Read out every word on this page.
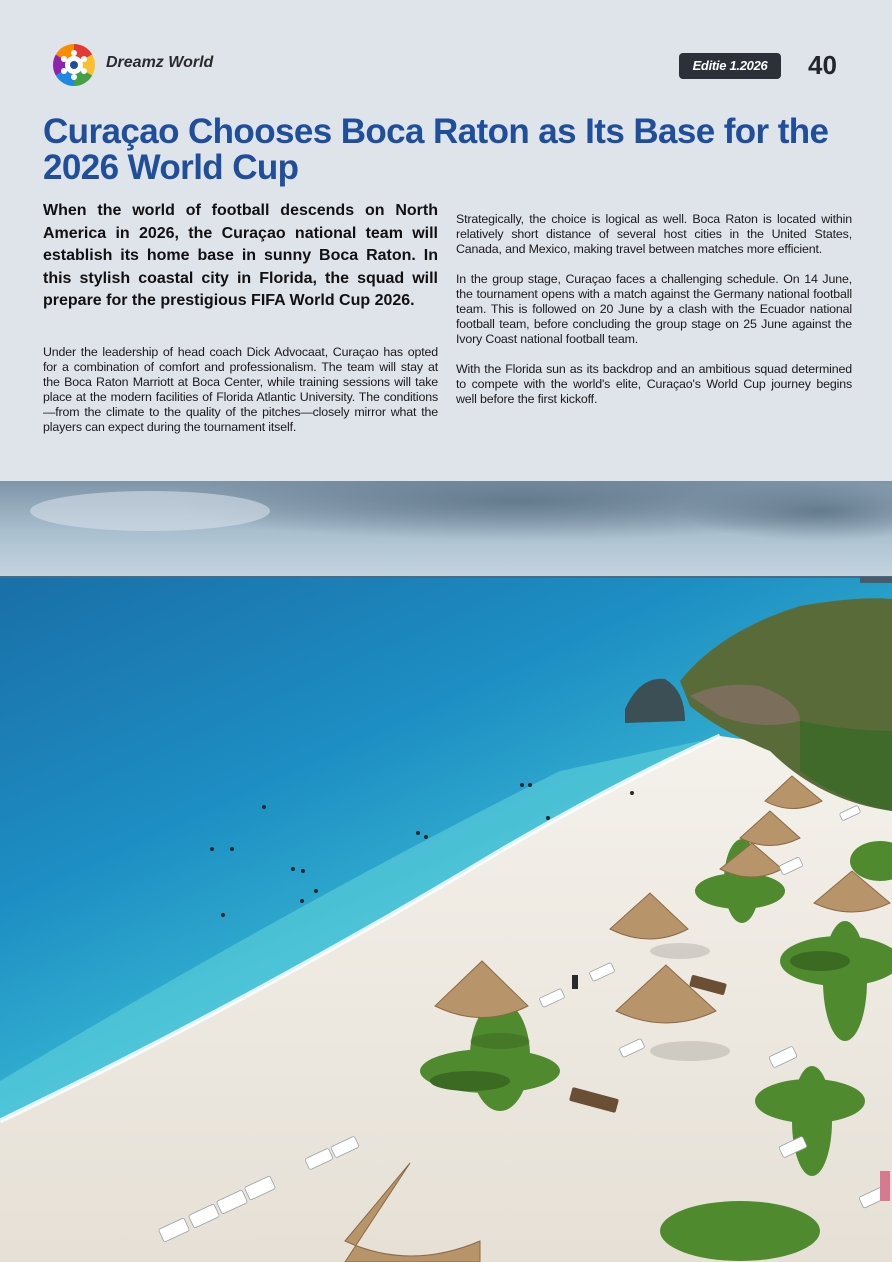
Dreamz World	Editie 1.2026	40
Curaçao Chooses Boca Raton as Its Base for the 2026 World Cup

When the world of football descends on North America in 2026, the Curaçao national team will establish its home base in sunny Boca Raton. In this stylish coastal city in Florida, the squad will prepare for the prestigious FIFA World Cup 2026.

Under the leadership of head coach Dick Advocaat, Curaçao has opted for a combination of comfort and professionalism. The team will stay at the Boca Raton Marriott at Boca Center, while training sessions will take place at the modern facilities of Florida Atlantic University. The conditions—from the climate to the quality of the pitches—closely mirror what the players can expect during the tournament itself.

Strategically, the choice is logical as well. Boca Raton is located within relatively short distance of several host cities in the United States, Canada, and Mexico, making travel between matches more efficient.

In the group stage, Curaçao faces a challenging schedule. On 14 June, the tournament opens with a match against the Germany national football team. This is followed on 20 June by a clash with the Ecuador national football team, before concluding the group stage on 25 June against the Ivory Coast national football team.

With the Florida sun as its backdrop and an ambitious squad determined to compete with the world's elite, Curaçao's World Cup journey begins well before the first kickoff.
